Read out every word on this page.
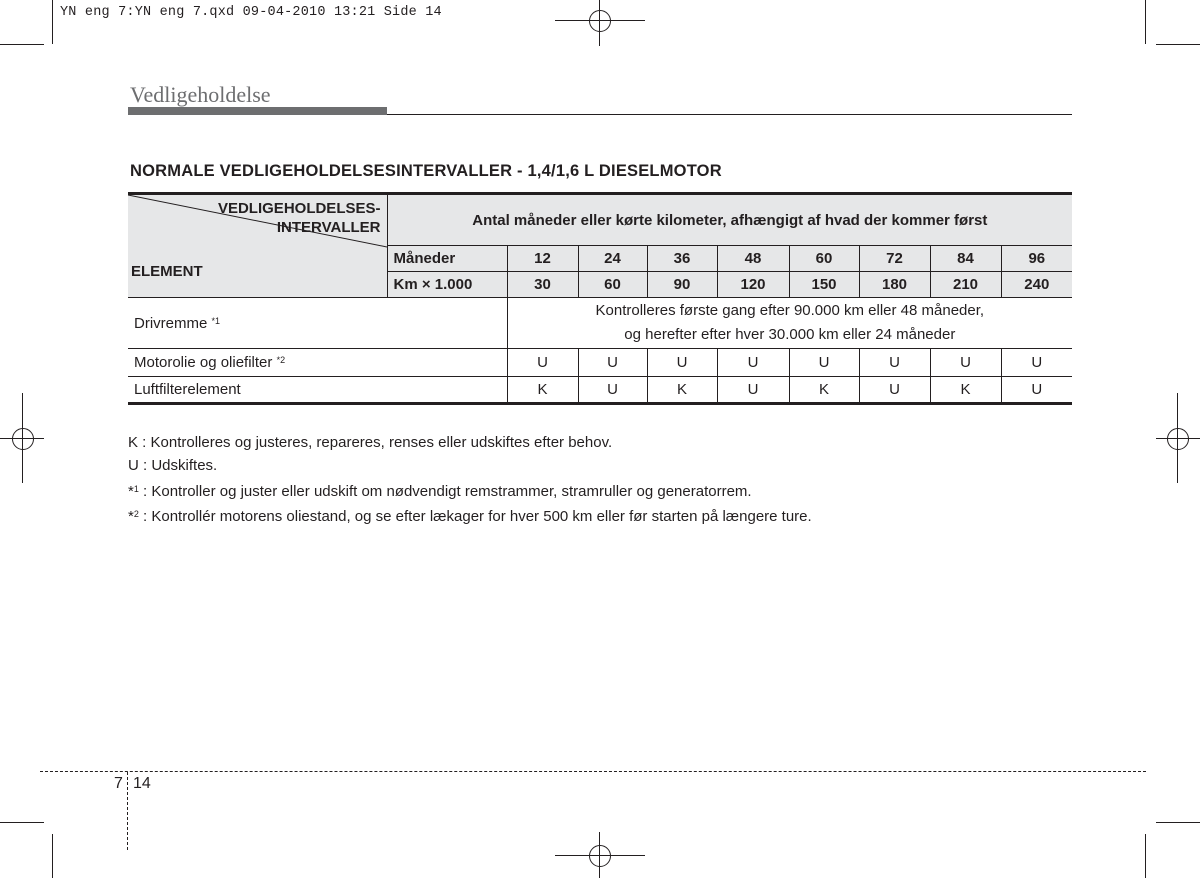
YN eng 7:YN eng 7.qxd 09-04-2010 13:21 Side 14
Vedligeholdelse
NORMALE VEDLIGEHOLDELSESINTERVALLER - 1,4/1,6 L DIESELMOTOR
VEDLIGEHOLDELSES-
INTERVALLER
ELEMENT	Antal måneder eller kørte kilometer, afhængigt af hvad der kommer først								
	Måneder	12	24	36	48	60	72	84	96
	Km × 1.000	30	60	90	120	150	180	210	240
Drivremme $^{*1}$		Kontrolleres første gang efter 90.000 km eller 48 måneder,
og herefter efter hver 30.000 km eller 24 måneder							

Motorolie og oliefilter $^{*2}$		U	U	U	U	U	U	U	U
Luftfilterelement		K	U	K	U	K	U	K	U
K : Kontrolleres og justeres, repareres, renses eller udskiftes efter behov.
U : Udskiftes.
*$^1$ : Kontroller og juster eller udskift om nødvendigt remstrammer, stramruller og generatorrem.
*$^2$ : Kontrollér motorens oliestand, og se efter lækager for hver 500 km eller før starten på længere ture.
7 14
